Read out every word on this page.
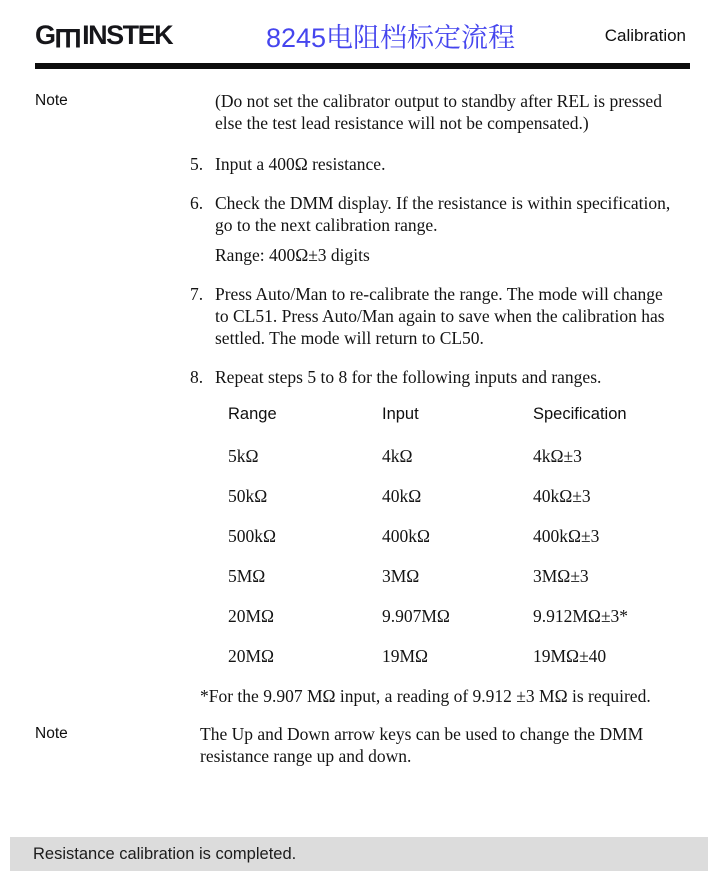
GШINSTEK	8245电阻档标定流程	Calibration
Note	(Do not set the calibrator output to standby after REL is pressed else the test lead resistance will not be compensated.)

5. Input a 400Ω resistance.

6. Check the DMM display. If the resistance is within specification, go to the next calibration range.

Range: 400Ω±3 digits

7. Press Auto/Man to re-calibrate the range. The mode will change to CL51. Press Auto/Man again to save when the calibration has settled. The mode will return to CL50.

8. Repeat steps 5 to 8 for the following inputs and ranges.

Range	Input	Specification
5kΩ	4kΩ	4kΩ±3
50kΩ	40kΩ	40kΩ±3
500kΩ	400kΩ	400kΩ±3
5MΩ	3MΩ	3MΩ±3
20MΩ	9.907MΩ	9.912MΩ±3*
20MΩ	19MΩ	19MΩ±40

*For the 9.907 MΩ input, a reading of 9.912 ±3 MΩ is required.

Note	The Up and Down arrow keys can be used to change the DMM resistance range up and down.

Resistance calibration is completed.
